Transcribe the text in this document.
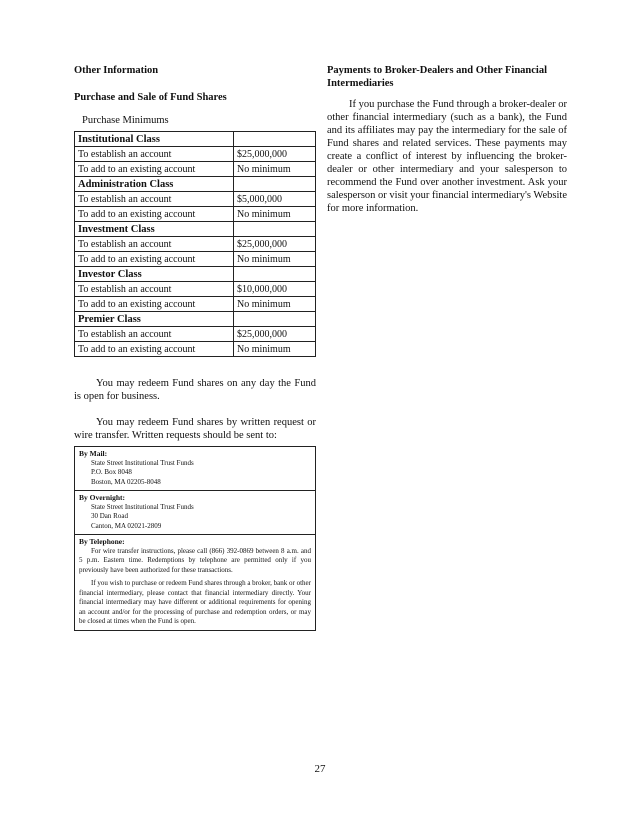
Other Information

Purchase and Sale of Fund Shares

Purchase Minimums

Institutional Class	
To establish an account	$25,000,000
To add to an existing account	No minimum
Administration Class	
To establish an account	$5,000,000
To add to an existing account	No minimum
Investment Class	
To establish an account	$25,000,000
To add to an existing account	No minimum
Investor Class	
To establish an account	$10,000,000
To add to an existing account	No minimum
Premier Class	
To establish an account	$25,000,000
To add to an existing account	No minimum

You may redeem Fund shares on any day the Fund is open for business.

You may redeem Fund shares by written request or wire transfer. Written requests should be sent to:

By Mail:
State Street Institutional Trust Funds
P.O. Box 8048
Boston, MA 02205-8048
By Overnight:
State Street Institutional Trust Funds
30 Dan Road
Canton, MA 02021-2809
By Telephone:

For wire transfer instructions, please call (866) 392-0869 between 8 a.m. and 5 p.m. Eastern time. Redemptions by telephone are permitted only if you previously have been authorized for these transactions.

If you wish to purchase or redeem Fund shares through a broker, bank or other financial intermediary, please contact that financial intermediary directly. Your financial intermediary may have different or additional requirements for opening an account and/or for the processing of purchase and redemption orders, or may be closed at times when the Fund is open.

Payments to Broker-Dealers and Other Financial Intermediaries

If you purchase the Fund through a broker-dealer or other financial intermediary (such as a bank), the Fund and its affiliates may pay the intermediary for the sale of Fund shares and related services. These payments may create a conflict of interest by influencing the broker-dealer or other intermediary and your salesperson to recommend the Fund over another investment. Ask your salesperson or visit your financial intermediary's Website for more information.

27
